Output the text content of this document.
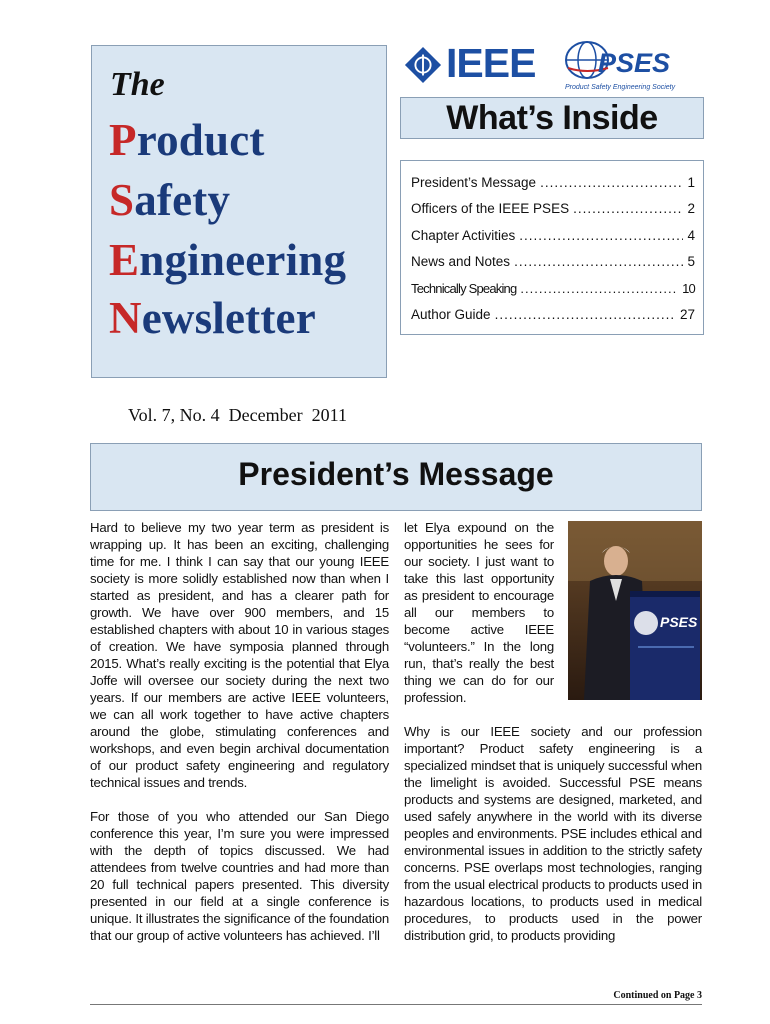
The
Product
Safety
Engineering
Newsletter
IEEE PSES
Product Safety Engineering Society
What’s Inside
President’s Message .....	1
Officers of the IEEE PSES .....	2
Chapter Activities .....	4
News and Notes .....	5
Technically Speaking .....	10
Author Guide .....	27
Vol. 7, No. 4  December  2011
President’s Message

Hard to believe my two year term as president is wrapping up. It has been an exciting, challenging time for me. I think I can say that our young IEEE society is more solidly established now than when I started as president, and has a clearer path for growth. We have over 900 members, and 15 established chapters with about 10 in various stages of creation. We have symposia planned through 2015. What’s really exciting is the potential that Elya Joffe will oversee our society during the next two years. If our members are active IEEE volunteers, we can all work together to have active chapters around the globe, stimulating conferences and workshops, and even begin archival documentation of our product safety engineering and regulatory technical issues and trends.

For those of you who attended our San Diego conference this year, I’m sure you were impressed with the depth of topics discussed. We had attendees from twelve countries and had more than 20 full technical papers presented. This diversity presented in our field at a single conference is unique. It illustrates the significance of the foundation that our group of active volunteers has achieved. I’ll

let Elya expound on the opportunities he sees for our society. I just want to take this last opportunity as president to encourage all our members to become active IEEE “volunteers.” In the long run, that’s really the best thing we can do for our profession.

PSES

Why is our IEEE society and our profession important? Product safety engineering is a specialized mindset that is uniquely successful when the limelight is avoided. Successful PSE means products and systems are designed, marketed, and used safely anywhere in the world with its diverse peoples and environments. PSE includes ethical and environmental issues in addition to the strictly safety concerns. PSE overlaps most technologies, ranging from the usual electrical products to products used in hazardous locations, to products used in medical procedures, to products used in the power distribution grid, to products providing

Continued on Page 3
